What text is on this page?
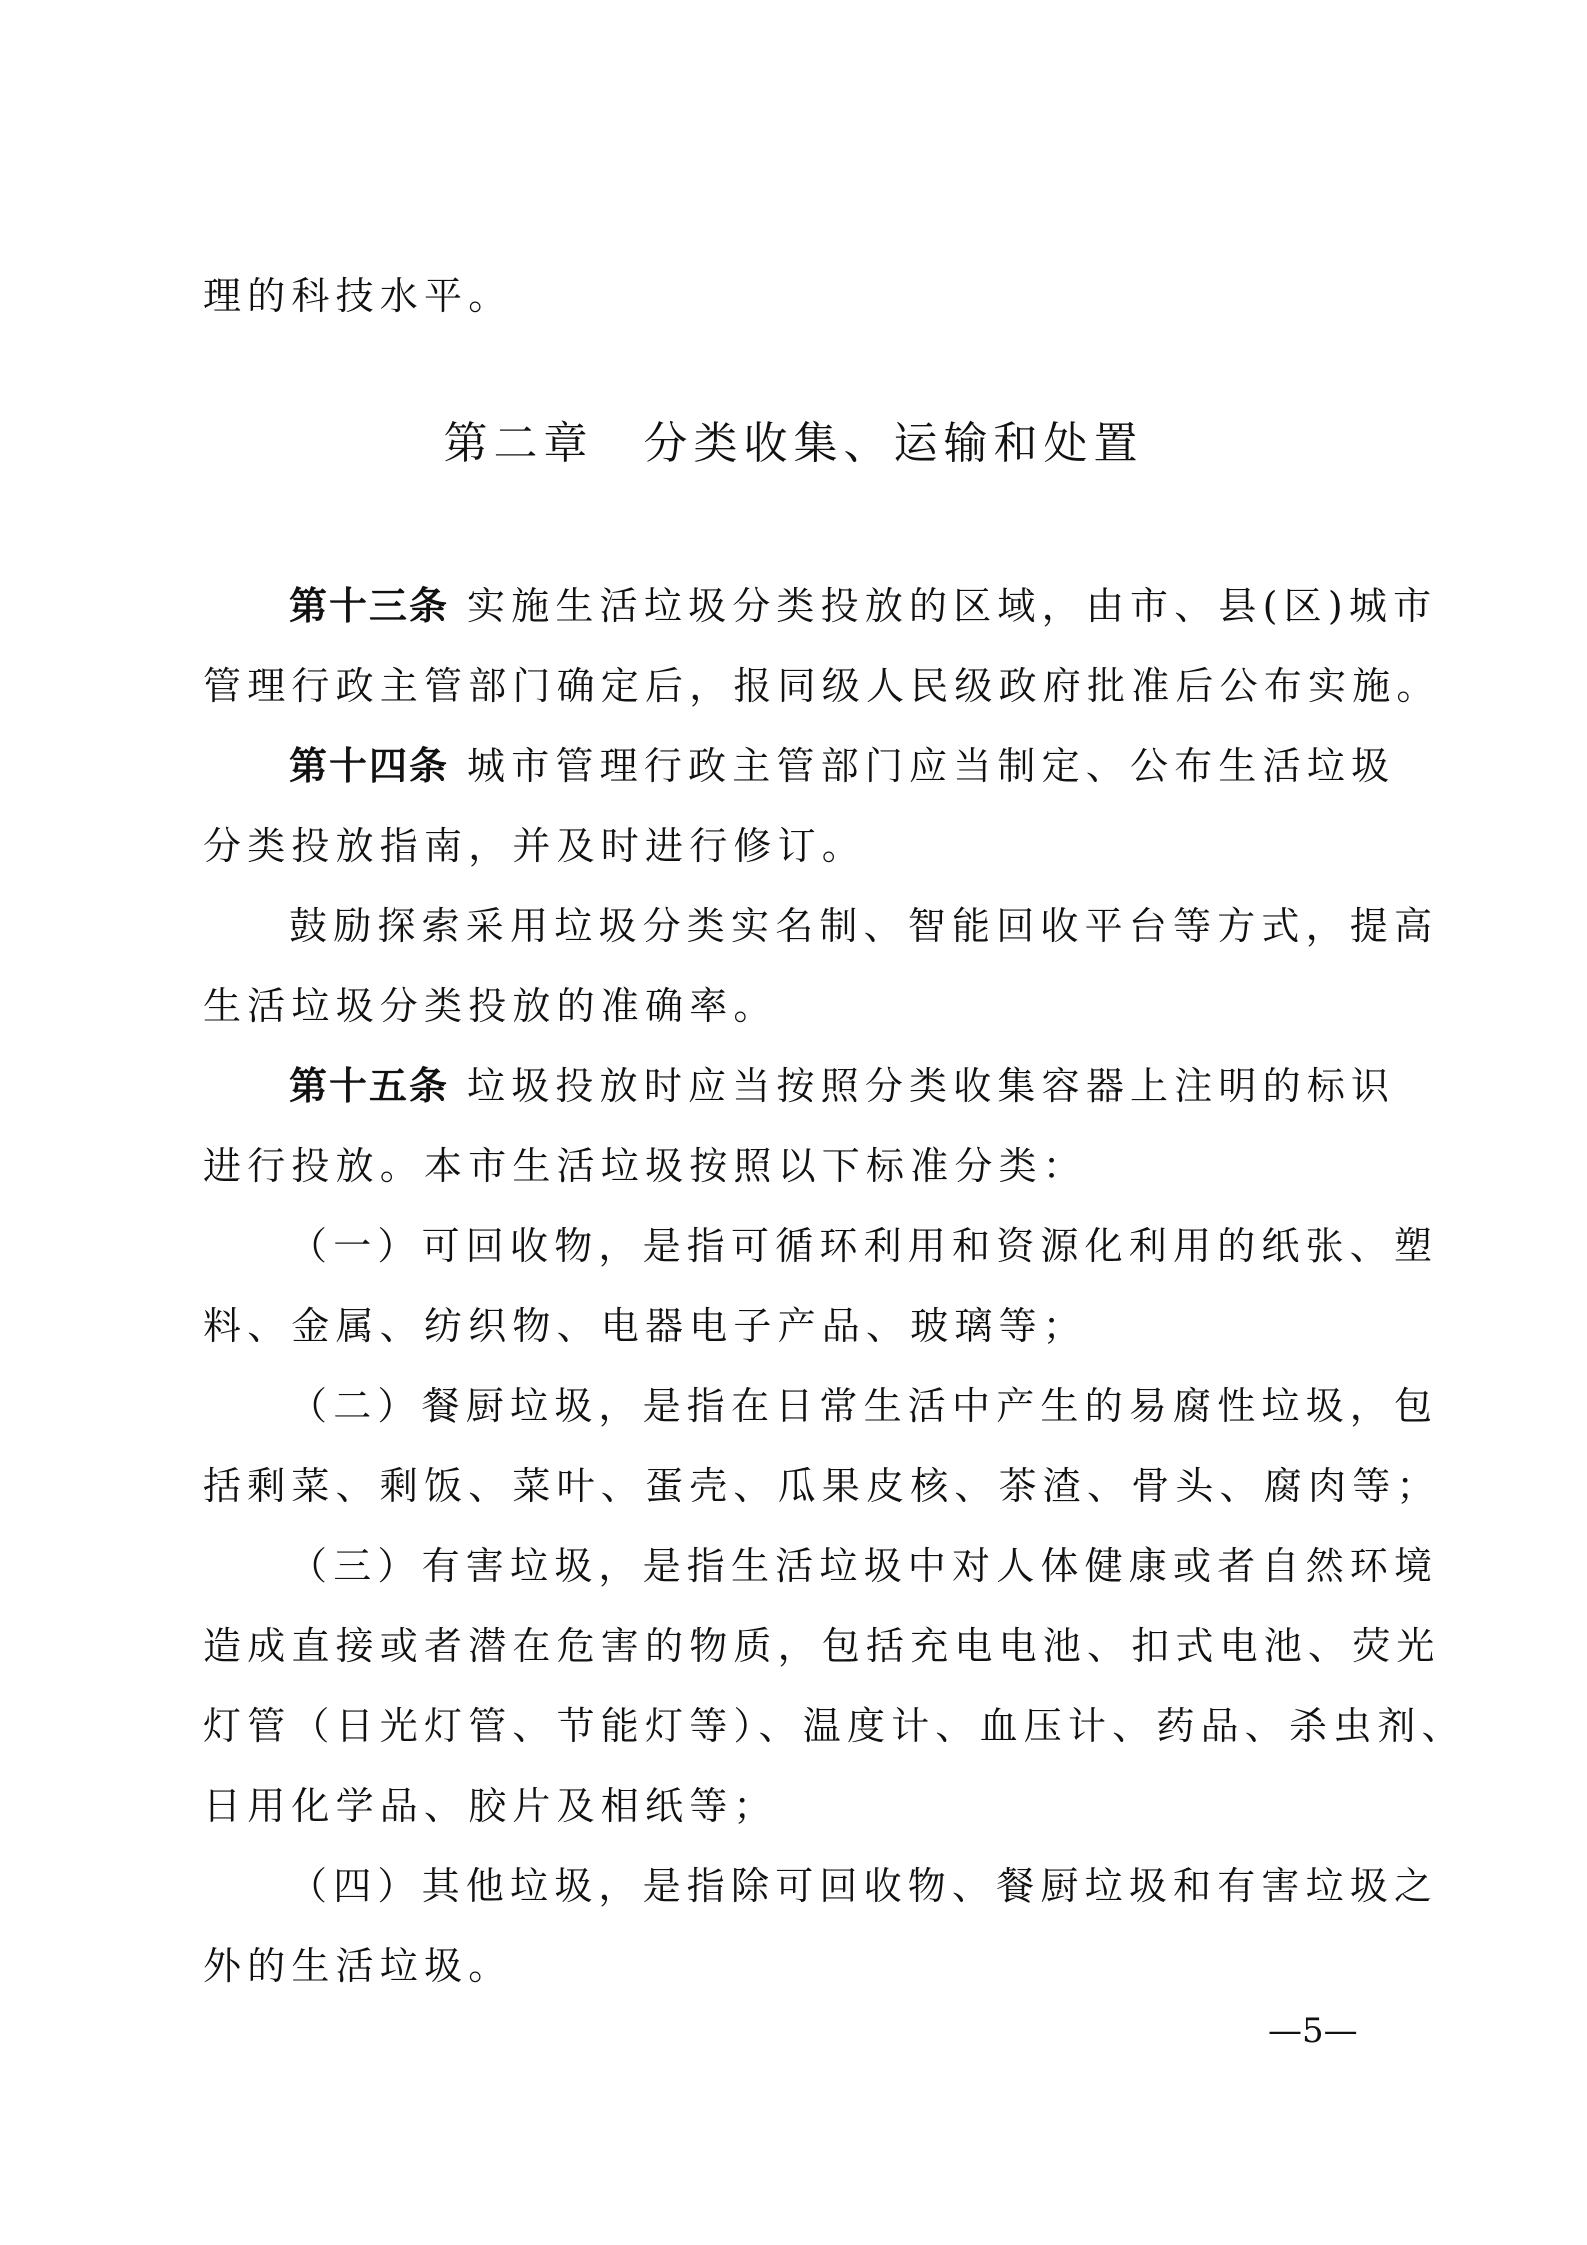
理的科技水平。
第二章　分类收集、运输和处置
第十三条 实施生活垃圾分类投放的区域，由市、县(区)城市
管理行政主管部门确定后，报同级人民级政府批准后公布实施。
第十四条 城市管理行政主管部门应当制定、公布生活垃圾
分类投放指南，并及时进行修订。
鼓励探索采用垃圾分类实名制、智能回收平台等方式，提高
生活垃圾分类投放的准确率。
第十五条 垃圾投放时应当按照分类收集容器上注明的标识
进行投放。本市生活垃圾按照以下标准分类：
（一）可回收物，是指可循环利用和资源化利用的纸张、塑
料、金属、纺织物、电器电子产品、玻璃等；
（二）餐厨垃圾，是指在日常生活中产生的易腐性垃圾，包
括剩菜、剩饭、菜叶、蛋壳、瓜果皮核、茶渣、骨头、腐肉等；
（三）有害垃圾，是指生活垃圾中对人体健康或者自然环境
造成直接或者潜在危害的物质，包括充电电池、扣式电池、荧光
灯管（日光灯管、节能灯等）、温度计、血压计、药品、杀虫剂、
日用化学品、胶片及相纸等；
（四）其他垃圾，是指除可回收物、餐厨垃圾和有害垃圾之
外的生活垃圾。
—5—
